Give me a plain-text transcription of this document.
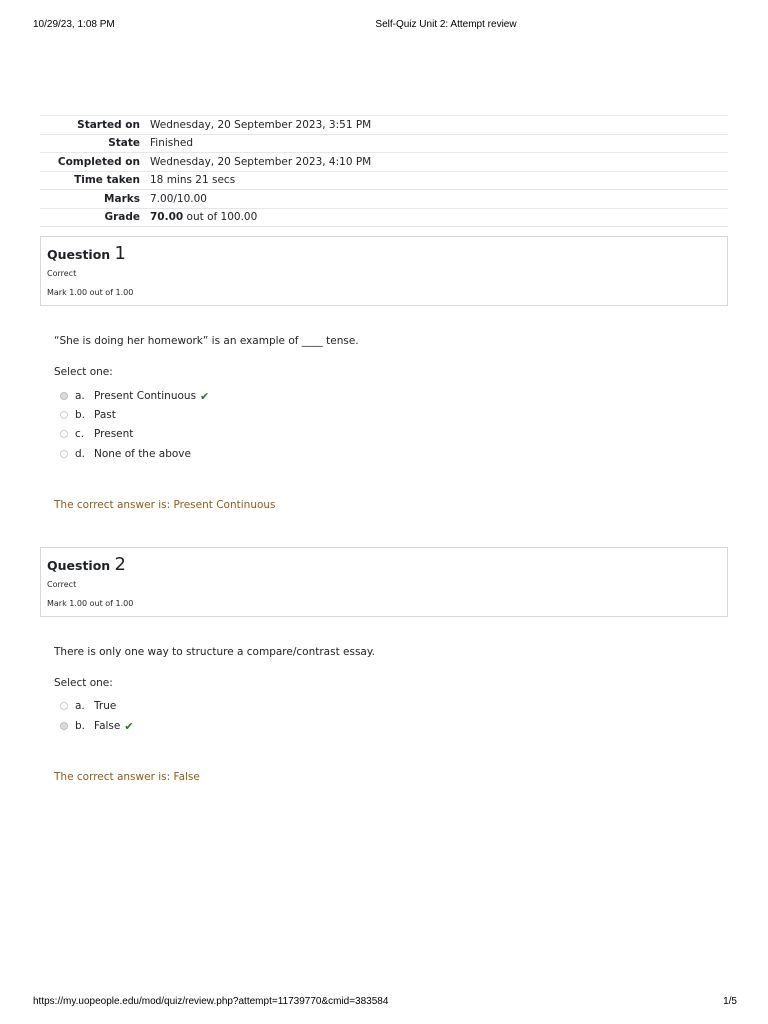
10/29/23, 1:08 PM	Self-Quiz Unit 2: Attempt review
Started on	Wednesday, 20 September 2023, 3:51 PM
State	Finished
Completed on	Wednesday, 20 September 2023, 4:10 PM
Time taken	18 mins 21 secs
Marks	7.00/10.00
Grade	70.00 out of 100.00
Question 1
Correct
Mark 1.00 out of 1.00
“She is doing her homework” is an example of ____ tense.
Select one:
a. Present Continuous ✔
b. Past
c. Present
d. None of the above
The correct answer is: Present Continuous
Question 2
Correct
Mark 1.00 out of 1.00
There is only one way to structure a compare/contrast essay.
Select one:
a. True
b. False ✔
The correct answer is: False
https://my.uopeople.edu/mod/quiz/review.php?attempt=11739770&cmid=383584	1/5
